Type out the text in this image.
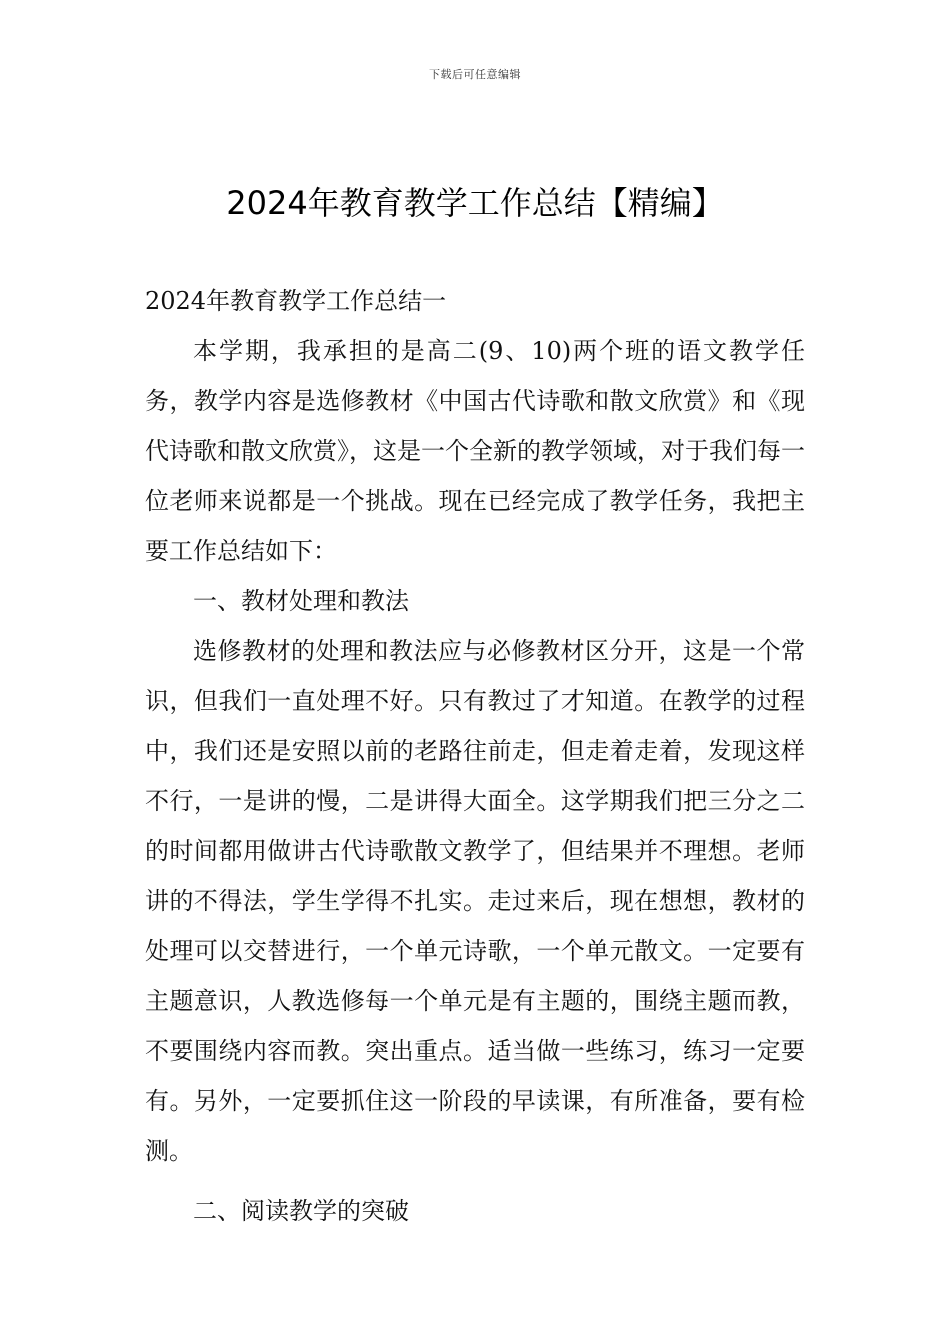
下载后可任意编辑
2024年教育教学工作总结【精编】

2024年教育教学工作总结一

本学期，我承担的是高二(9、10)两个班的语文教学任务，教学内容是选修教材《中国古代诗歌和散文欣赏》和《现代诗歌和散文欣赏》，这是一个全新的教学领域，对于我们每一位老师来说都是一个挑战。现在已经完成了教学任务，我把主要工作总结如下：

一、教材处理和教法

选修教材的处理和教法应与必修教材区分开，这是一个常识，但我们一直处理不好。只有教过了才知道。在教学的过程中，我们还是安照以前的老路往前走，但走着走着，发现这样不行，一是讲的慢，二是讲得大面全。这学期我们把三分之二的时间都用做讲古代诗歌散文教学了，但结果并不理想。老师讲的不得法，学生学得不扎实。走过来后，现在想想，教材的处理可以交替进行，一个单元诗歌，一个单元散文。一定要有主题意识，人教选修每一个单元是有主题的，围绕主题而教，不要围绕内容而教。突出重点。适当做一些练习，练习一定要有。另外，一定要抓住这一阶段的早读课，有所准备，要有检测。

二、阅读教学的突破
